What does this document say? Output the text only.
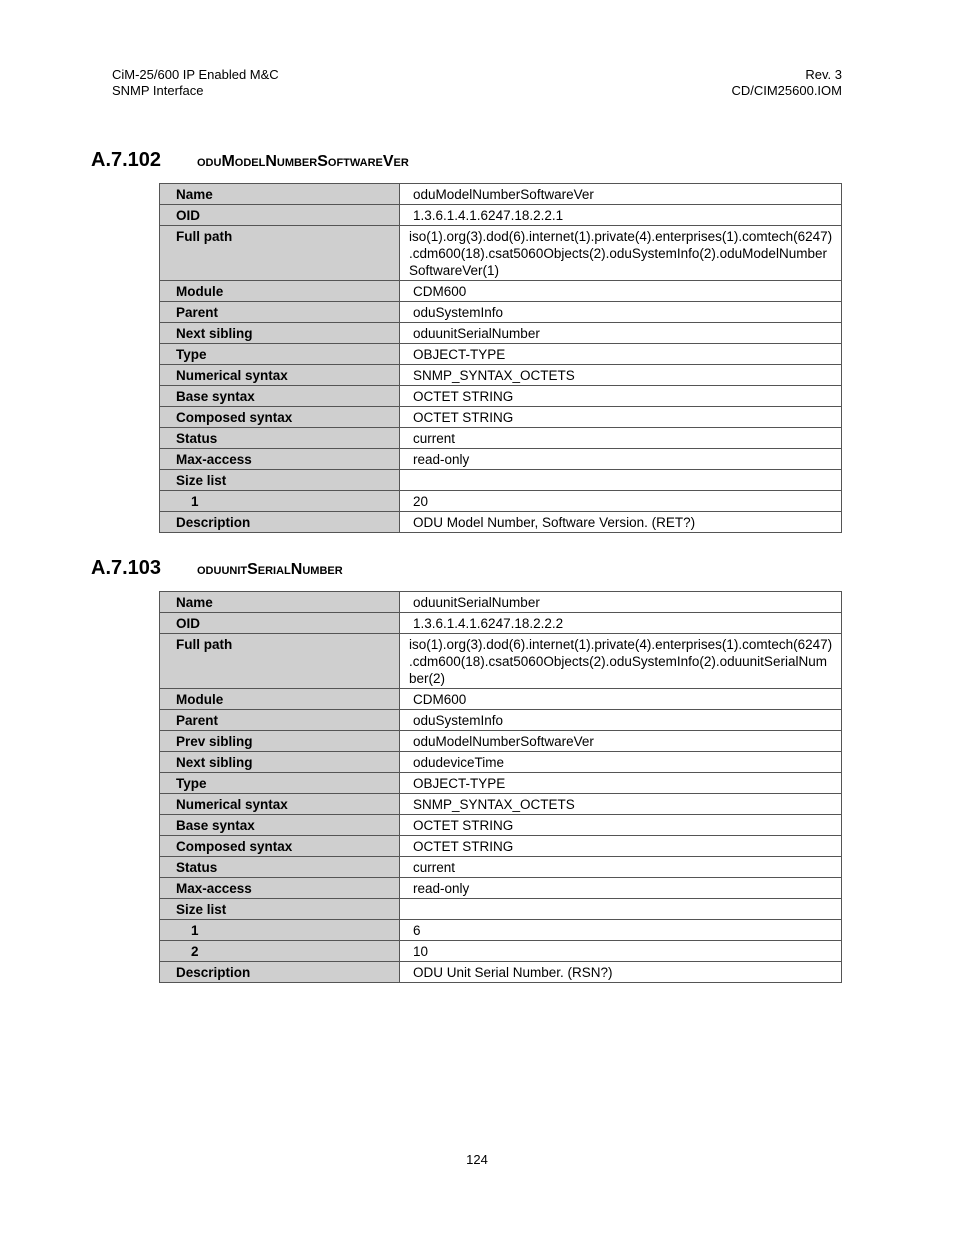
CiM-25/600 IP Enabled M&C
SNMP Interface
Rev. 3
CD/CIM25600.IOM
A.7.102 oduModelNumberSoftwareVer
Name	oduModelNumberSoftwareVer
OID	1.3.6.1.4.1.6247.18.2.2.1
Full path	iso(1).org(3).dod(6).internet(1).private(4).enterprises(1).comtech(6247)
.cdm600(18).csat5060Objects(2).oduSystemInfo(2).oduModelNumber
SoftwareVer(1)

Module	CDM600
Parent	oduSystemInfo
Next sibling	oduunitSerialNumber
Type	OBJECT-TYPE
Numerical syntax	SNMP_SYNTAX_OCTETS
Base syntax	OCTET STRING
Composed syntax	OCTET STRING
Status	current
Max-access	read-only
Size list	
1	20
Description	ODU Model Number, Software Version. (RET?)
A.7.103 oduunitSerialNumber
Name	oduunitSerialNumber
OID	1.3.6.1.4.1.6247.18.2.2.2
Full path	iso(1).org(3).dod(6).internet(1).private(4).enterprises(1).comtech(6247)
.cdm600(18).csat5060Objects(2).oduSystemInfo(2).oduunitSerialNum
ber(2)

Module	CDM600
Parent	oduSystemInfo
Prev sibling	oduModelNumberSoftwareVer
Next sibling	odudeviceTime
Type	OBJECT-TYPE
Numerical syntax	SNMP_SYNTAX_OCTETS
Base syntax	OCTET STRING
Composed syntax	OCTET STRING
Status	current
Max-access	read-only
Size list	
1	6
2	10
Description	ODU Unit Serial Number. (RSN?)
124
